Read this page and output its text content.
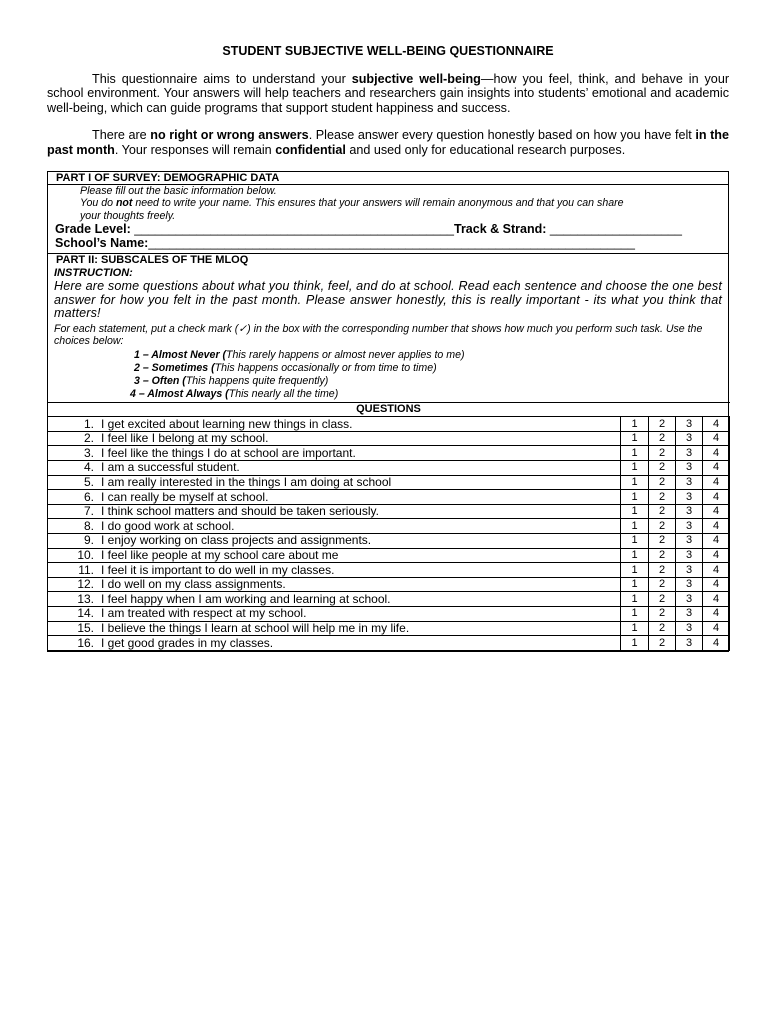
STUDENT SUBJECTIVE WELL-BEING QUESTIONNAIRE

This questionnaire aims to understand your subjective well-being—how you feel, think, and behave in your school environment. Your answers will help teachers and researchers gain insights into students’ emotional and academic well-being, which can guide programs that support student happiness and success.

There are no right or wrong answers. Please answer every question honestly based on how you have felt in the past month. Your responses will remain confidential and used only for educational research purposes.

PART I OF SURVEY: DEMOGRAPHIC DATA
Please fill out the basic information below.
You do not need to write your name. This ensures that your answers will remain anonymous and that you can share
your thoughts freely.
Grade Level: ______________________________________________Track & Strand: ___________________
School’s Name:______________________________________________________________________
PART II: SUBSCALES OF THE MLOQ
INSTRUCTION:
Here are some questions about what you think, feel, and do at school. Read each sentence and choose the one best answer for how you felt in the past month. Please answer honestly, this is really important - its what you think that matters!
For each statement, put a check mark (✓) in the box with the corresponding number that shows how much you perform such task. Use the choices below:
1 – Almost Never (This rarely happens or almost never applies to me)
2 – Sometimes (This happens occasionally or from time to time)
3 – Often (This happens quite frequently)
4 – Almost Always (This nearly all the time)
QUESTIONS				
1. I get excited about learning new things in class.	1	2	3	4
2. I feel like I belong at my school.	1	2	3	4
3. I feel like the things I do at school are important.	1	2	3	4
4. I am a successful student.	1	2	3	4
5. I am really interested in the things I am doing at school	1	2	3	4
6. I can really be myself at school.	1	2	3	4
7. I think school matters and should be taken seriously.	1	2	3	4
8. I do good work at school.	1	2	3	4
9. I enjoy working on class projects and assignments.	1	2	3	4
10. I feel like people at my school care about me	1	2	3	4
11. I feel it is important to do well in my classes.	1	2	3	4
12. I do well on my class assignments.	1	2	3	4
13. I feel happy when I am working and learning at school.	1	2	3	4
14. I am treated with respect at my school.	1	2	3	4
15. I believe the things I learn at school will help me in my life.	1	2	3	4
16. I get good grades in my classes.	1	2	3	4
